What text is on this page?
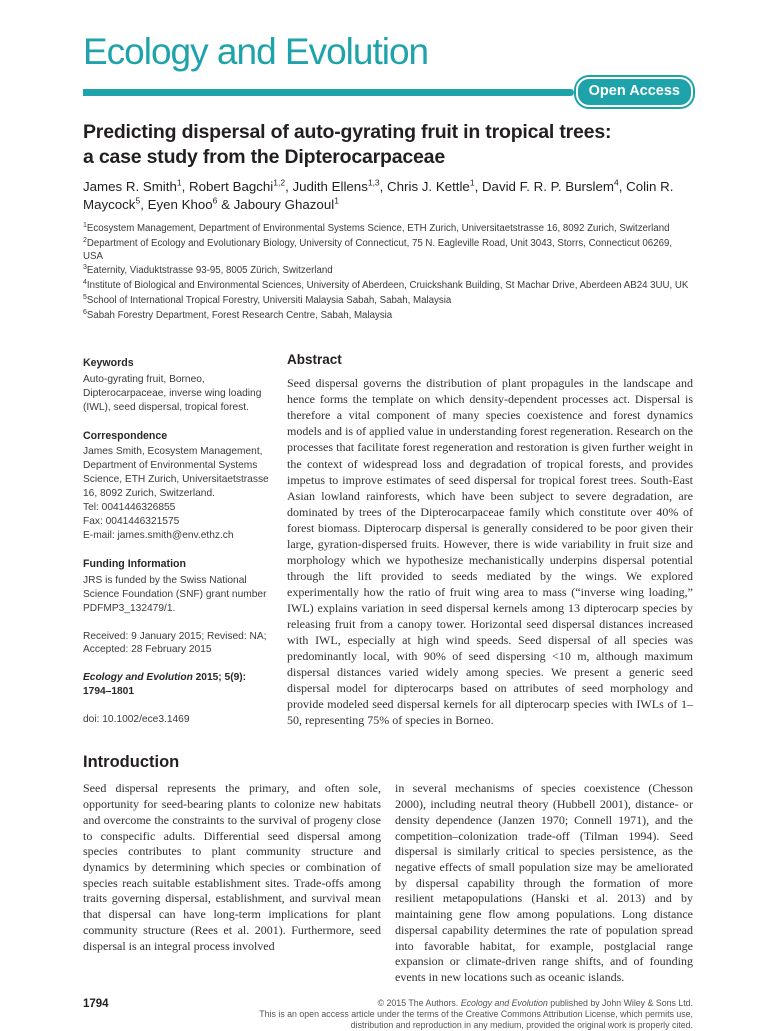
Ecology and Evolution
Open Access
Predicting dispersal of auto-gyrating fruit in tropical trees:
a case study from the Dipterocarpaceae
James R. Smith$^1$, Robert Bagchi$^{1,2}$, Judith Ellens$^{1,3}$, Chris J. Kettle$^1$, David F. R. P. Burslem$^4$, Colin R. Maycock$^5$, Eyen Khoo$^6$ & Jaboury Ghazoul$^1$
$^1$Ecosystem Management, Department of Environmental Systems Science, ETH Zurich, Universitaetstrasse 16, 8092 Zurich, Switzerland
$^2$Department of Ecology and Evolutionary Biology, University of Connecticut, 75 N. Eagleville Road, Unit 3043, Storrs, Connecticut 06269, USA
$^3$Eaternity, Viaduktstrasse 93-95, 8005 Zürich, Switzerland
$^4$Institute of Biological and Environmental Sciences, University of Aberdeen, Cruickshank Building, St Machar Drive, Aberdeen AB24 3UU, UK
$^5$School of International Tropical Forestry, Universiti Malaysia Sabah, Sabah, Malaysia
$^6$Sabah Forestry Department, Forest Research Centre, Sabah, Malaysia
Keywords
Auto-gyrating fruit, Borneo, Dipterocarpaceae, inverse wing loading (IWL), seed dispersal, tropical forest.
Correspondence
James Smith, Ecosystem Management, Department of Environmental Systems Science, ETH Zurich, Universitaetstrasse 16, 8092 Zurich, Switzerland.
Tel: 0041446326855
Fax: 0041446321575
E-mail: james.smith@env.ethz.ch
Funding Information
JRS is funded by the Swiss National Science Foundation (SNF) grant number PDFMP3_132479/1.
Received: 9 January 2015; Revised: NA; Accepted: 28 February 2015
Ecology and Evolution 2015; 5(9):
1794–1801
doi: 10.1002/ece3.1469
Abstract

Seed dispersal governs the distribution of plant propagules in the landscape and hence forms the template on which density-dependent processes act. Dispersal is therefore a vital component of many species coexistence and forest dynamics models and is of applied value in understanding forest regeneration. Research on the processes that facilitate forest regeneration and restoration is given further weight in the context of widespread loss and degradation of tropical forests, and provides impetus to improve estimates of seed dispersal for tropical forest trees. South-East Asian lowland rainforests, which have been subject to severe degradation, are dominated by trees of the Dipterocarpaceae family which constitute over 40% of forest biomass. Dipterocarp dispersal is generally considered to be poor given their large, gyration-dispersed fruits. However, there is wide variability in fruit size and morphology which we hypothesize mechanistically underpins dispersal potential through the lift provided to seeds mediated by the wings. We explored experimentally how the ratio of fruit wing area to mass (“inverse wing loading,” IWL) explains variation in seed dispersal kernels among 13 dipterocarp species by releasing fruit from a canopy tower. Horizontal seed dispersal distances increased with IWL, especially at high wind speeds. Seed dispersal of all species was predominantly local, with 90% of seed dispersing <10 m, although maximum dispersal distances varied widely among species. We present a generic seed dispersal model for dipterocarps based on attributes of seed morphology and provide modeled seed dispersal kernels for all dipterocarp species with IWLs of 1–50, representing 75% of species in Borneo.

Introduction
Seed dispersal represents the primary, and often sole, opportunity for seed-bearing plants to colonize new habitats and overcome the constraints to the survival of progeny close to conspecific adults. Differential seed dispersal among species contributes to plant community structure and dynamics by determining which species or combination of species reach suitable establishment sites. Trade-offs among traits governing dispersal, establishment, and survival mean that dispersal can have long-term implications for plant community structure (Rees et al. 2001). Furthermore, seed dispersal is an integral process involved
in several mechanisms of species coexistence (Chesson 2000), including neutral theory (Hubbell 2001), distance- or density dependence (Janzen 1970; Connell 1971), and the competition–colonization trade-off (Tilman 1994). Seed dispersal is similarly critical to species persistence, as the negative effects of small population size may be ameliorated by dispersal capability through the formation of more resilient metapopulations (Hanski et al. 2013) and by maintaining gene flow among populations. Long distance dispersal capability determines the rate of population spread into favorable habitat, for example, postglacial range expansion or climate-driven range shifts, and of founding events in new locations such as oceanic islands.
1794	© 2015 The Authors. Ecology and Evolution published by John Wiley & Sons Ltd.
This is an open access article under the terms of the Creative Commons Attribution License, which permits use,
distribution and reproduction in any medium, provided the original work is properly cited.
